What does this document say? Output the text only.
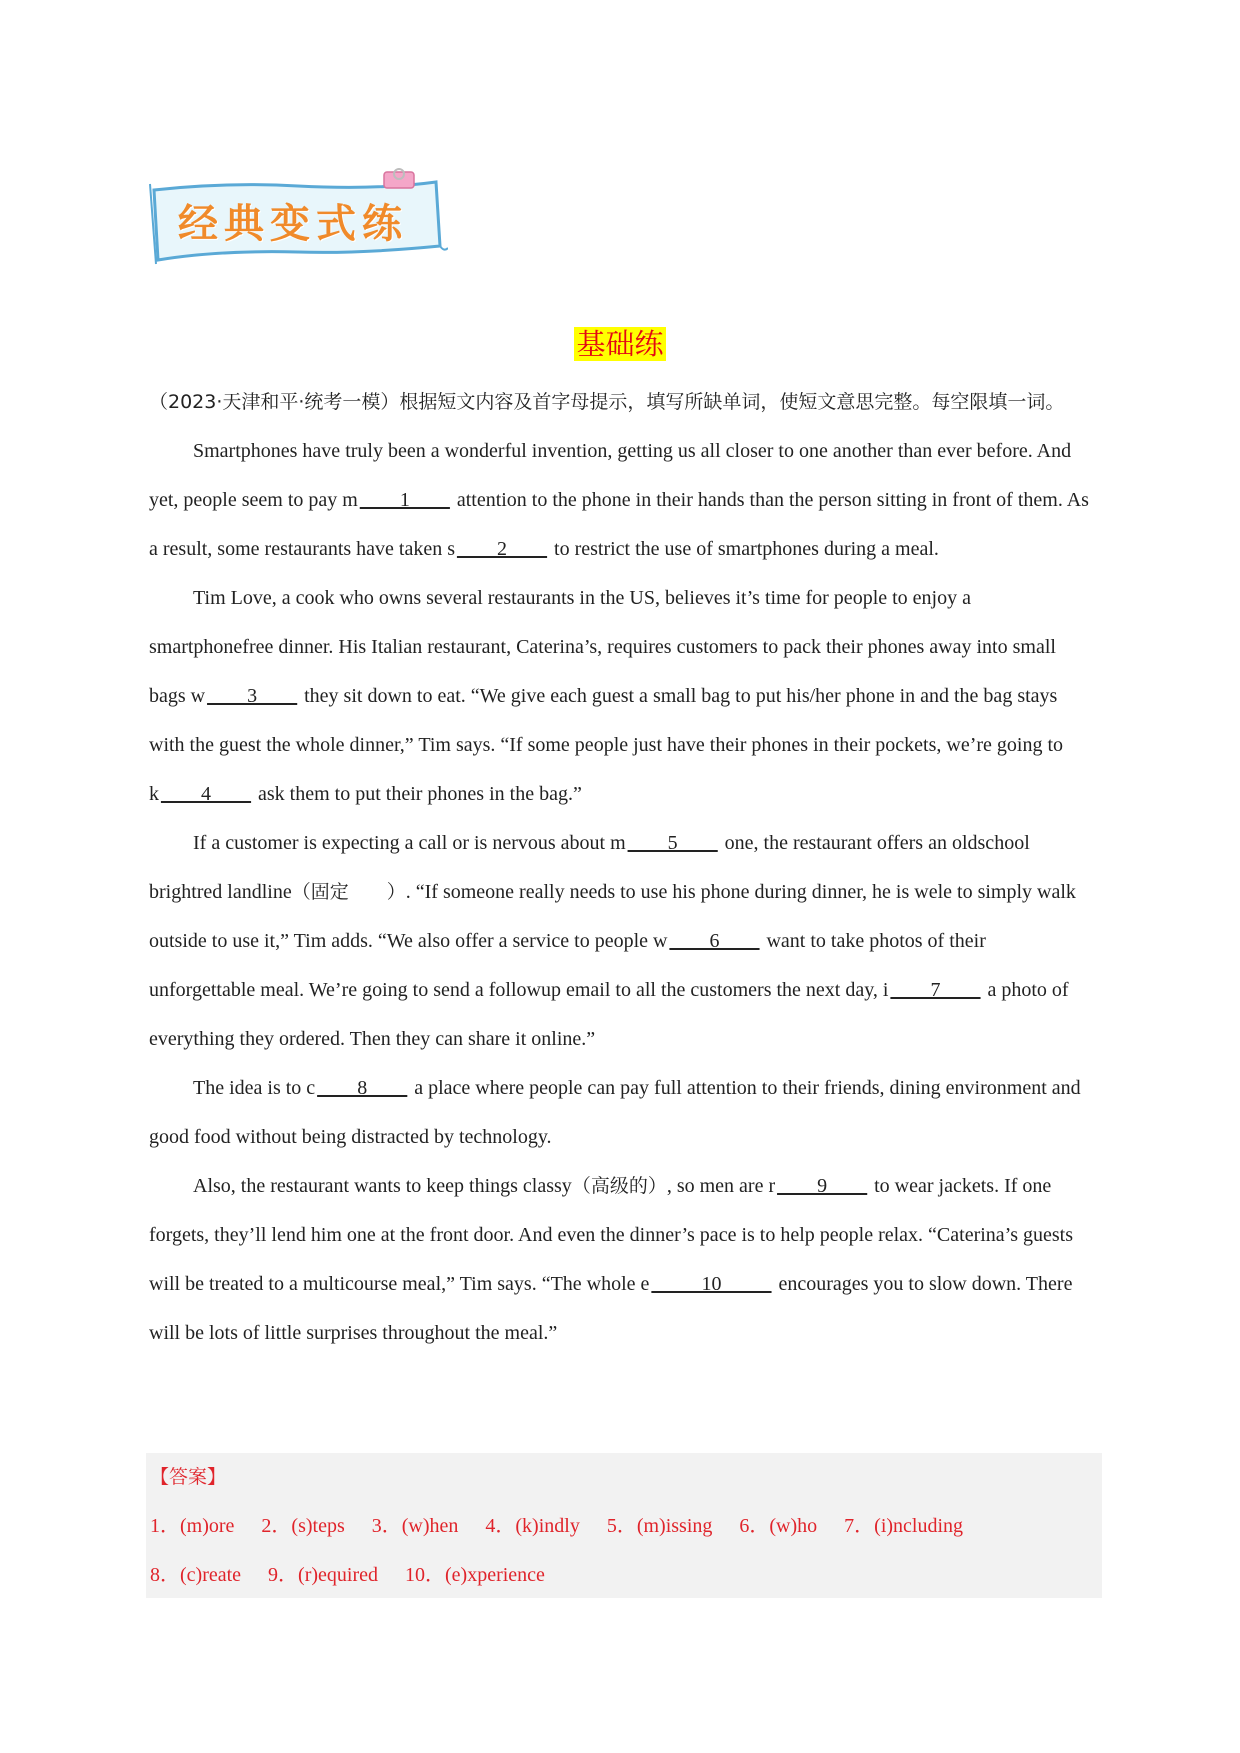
经典变式练
基础练

（2023·天津和平·统考一模）根据短文内容及首字母提示，填写所缺单词，使短文意思完整。每空限填一词。

Smartphones have truly been a wonderful invention, getting us all closer to one another than ever before. And yet, people seem to pay m ____1____ attention to the phone in their hands than the person sitting in front of them. As a result, some restaurants have taken s ____2____ to restrict the use of smartphones during a meal.

Tim Love, a cook who owns several restaurants in the US, believes it’s time for people to enjoy a smartphonefree dinner. His Italian restaurant, Caterina’s, requires customers to pack their phones away into small bags w ____3____ they sit down to eat. “We give each guest a small bag to put his/her phone in and the bag stays with the guest the whole dinner,” Tim says. “If some people just have their phones in their pockets, we’re going to k ____4____ ask them to put their phones in the bag.”

If a customer is expecting a call or is nervous about m ____5____ one, the restaurant offers an oldschool brightred landline（固定　　）. “If someone really needs to use his phone during dinner, he is wele to simply walk outside to use it,” Tim adds. “We also offer a service to people w ____6____ want to take photos of their unforgettable meal. We’re going to send a followup email to all the customers the next day, i ____7____ a photo of everything they ordered. Then they can share it online.”

The idea is to c ____8____ a place where people can pay full attention to their friends, dining environment and good food without being distracted by technology.

Also, the restaurant wants to keep things classy（高级的）, so men are r ____9____ to wear jackets. If one forgets, they’ll lend him one at the front door. And even the dinner’s pace is to help people relax. “Caterina’s guests will be treated to a multicourse meal,” Tim says. “The whole e _____10_____ encourages you to slow down. There will be lots of little surprises throughout the meal.”

【答案】
1．(m)ore 2．(s)teps 3．(w)hen 4．(k)indly 5．(m)issing 6．(w)ho 7．(i)ncluding 8．(c)reate 9．(r)equired 10．(e)xperience
